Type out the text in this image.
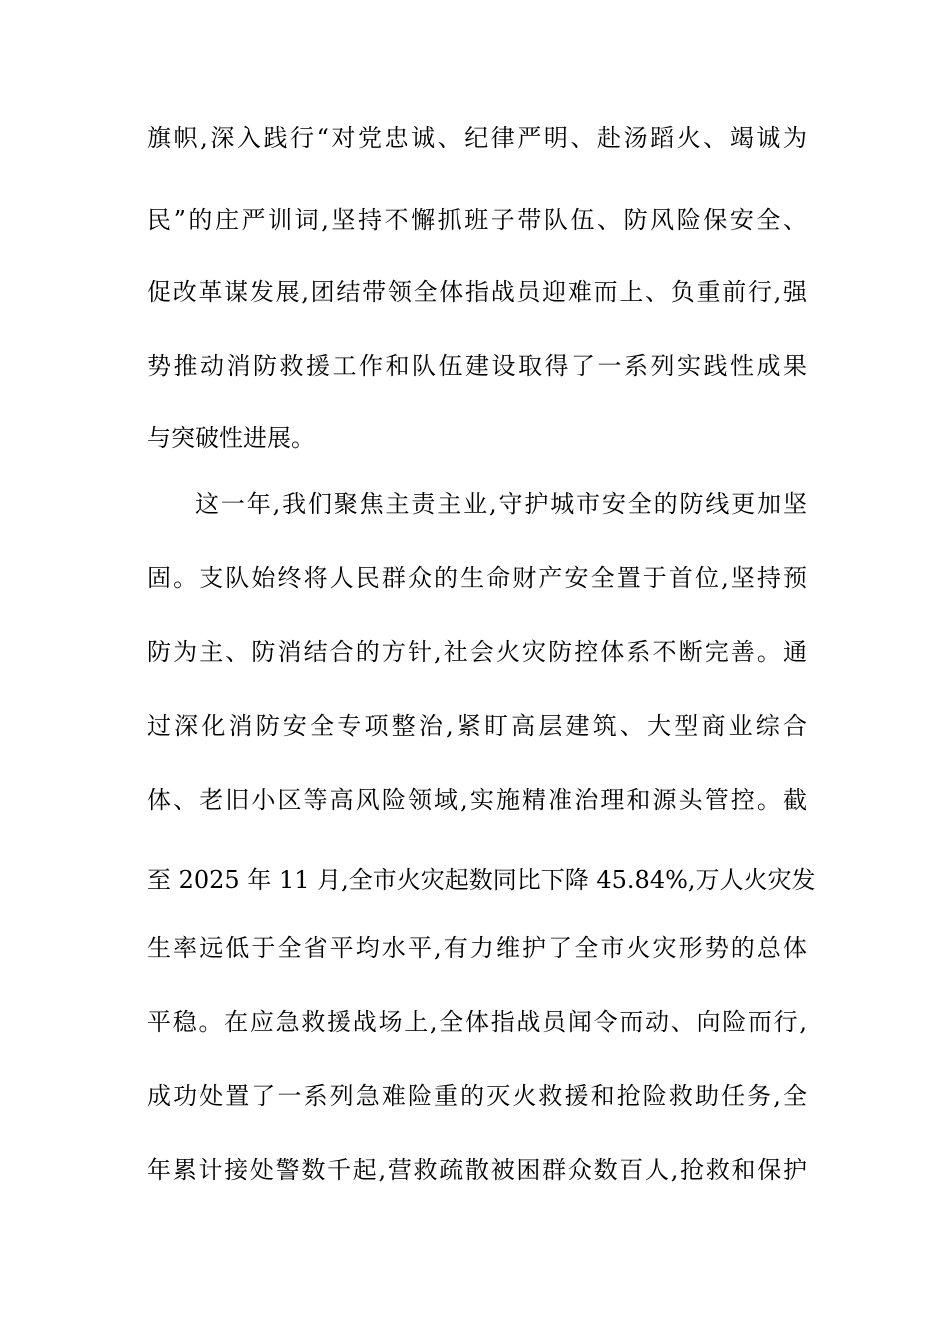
旗帜,深入践行“对党忠诚、纪律严明、赴汤蹈火、竭诚为
民”的庄严训词,坚持不懈抓班子带队伍、防风险保安全、
促改革谋发展,团结带领全体指战员迎难而上、负重前行,强
势推动消防救援工作和队伍建设取得了一系列实践性成果
与突破性进展。
这一年,我们聚焦主责主业,守护城市安全的防线更加坚
固。支队始终将人民群众的生命财产安全置于首位,坚持预
防为主、防消结合的方针,社会火灾防控体系不断完善。通
过深化消防安全专项整治,紧盯高层建筑、大型商业综合
体、老旧小区等高风险领域,实施精准治理和源头管控。截
至 2025 年 11 月,全市火灾起数同比下降 45.84%,万人火灾发
生率远低于全省平均水平,有力维护了全市火灾形势的总体
平稳。在应急救援战场上,全体指战员闻令而动、向险而行,
成功处置了一系列急难险重的灭火救援和抢险救助任务,全
年累计接处警数千起,营救疏散被困群众数百人,抢救和保护
